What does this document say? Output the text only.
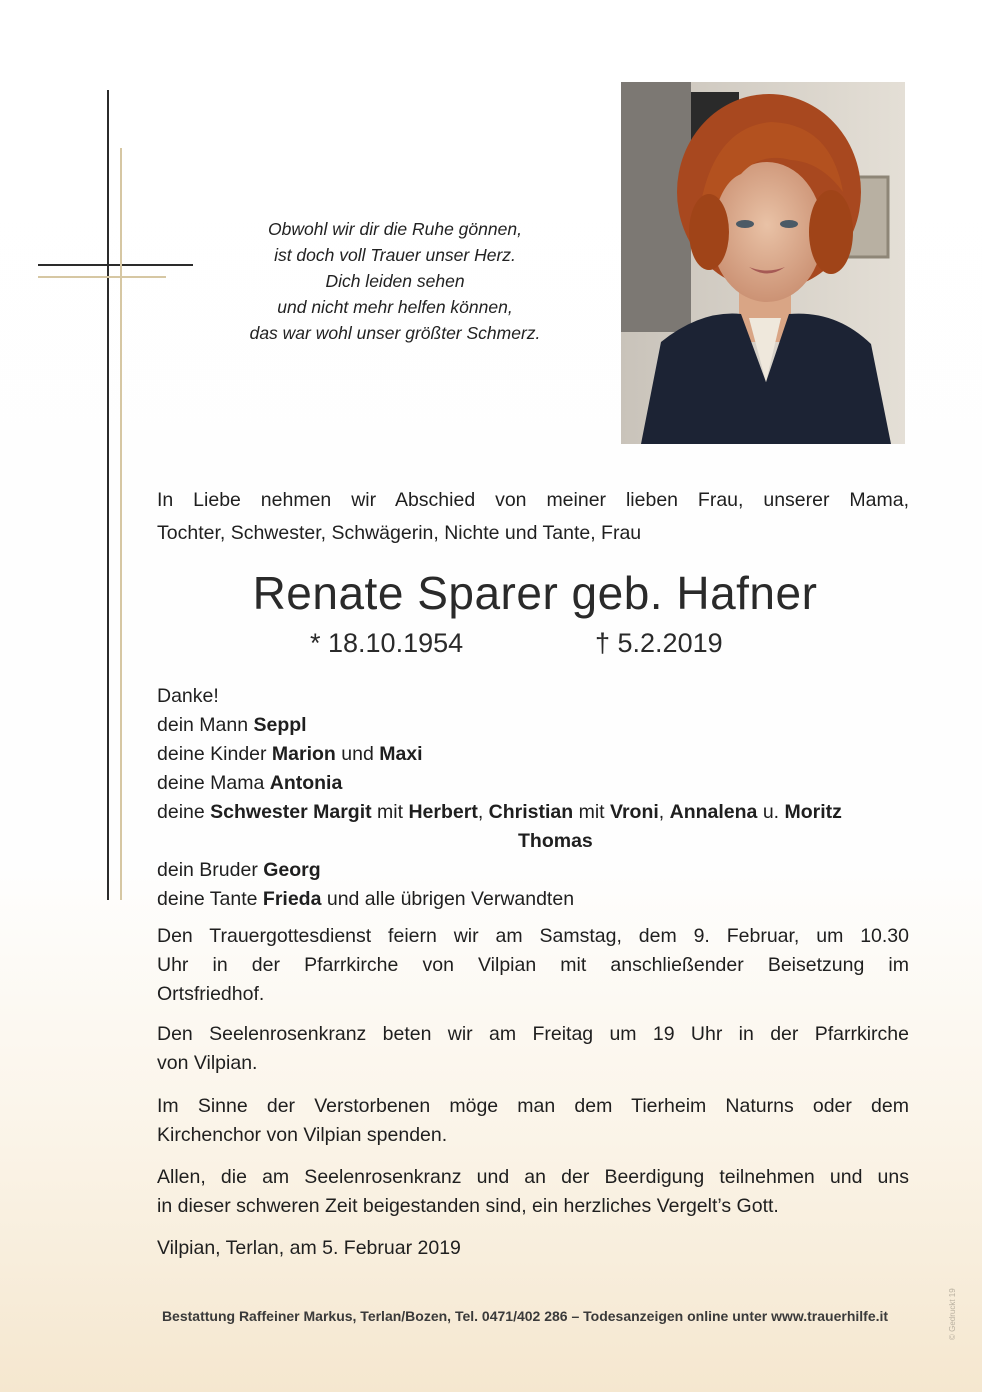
Obwohl wir dir die Ruhe gönnen,
ist doch voll Trauer unser Herz.
Dich leiden sehen
und nicht mehr helfen können,
das war wohl unser größter Schmerz.
In Liebe nehmen wir Abschied von meiner lieben Frau, unserer Mama,
Tochter, Schwester, Schwägerin, Nichte und Tante, Frau
Renate Sparer geb. Hafner
* 18.10.1954	† 5.2.2019
Danke!
dein Mann Seppl
deine Kinder Marion und Maxi
deine Mama Antonia
deine Schwester Margit mit Herbert, Christian mit Vroni, Annalena u. Moritz
Thomas
dein Bruder Georg
deine Tante Frieda und alle übrigen Verwandten
Den Trauergottesdienst feiern wir am Samstag, dem 9. Februar, um 10.30
Uhr in der Pfarrkirche von Vilpian mit anschließender Beisetzung im
Ortsfriedhof.
Den Seelenrosenkranz beten wir am Freitag um 19 Uhr in der Pfarrkirche
von Vilpian.
Im Sinne der Verstorbenen möge man dem Tierheim Naturns oder dem
Kirchenchor von Vilpian spenden.
Allen, die am Seelenrosenkranz und an der Beerdigung teilnehmen und uns
in dieser schweren Zeit beigestanden sind, ein herzliches Vergelt’s Gott.
Vilpian, Terlan, am 5. Februar 2019
Bestattung Raffeiner Markus, Terlan/Bozen, Tel. 0471/402 286 – Todesanzeigen online unter www.trauerhilfe.it	© Gedruckt 19
